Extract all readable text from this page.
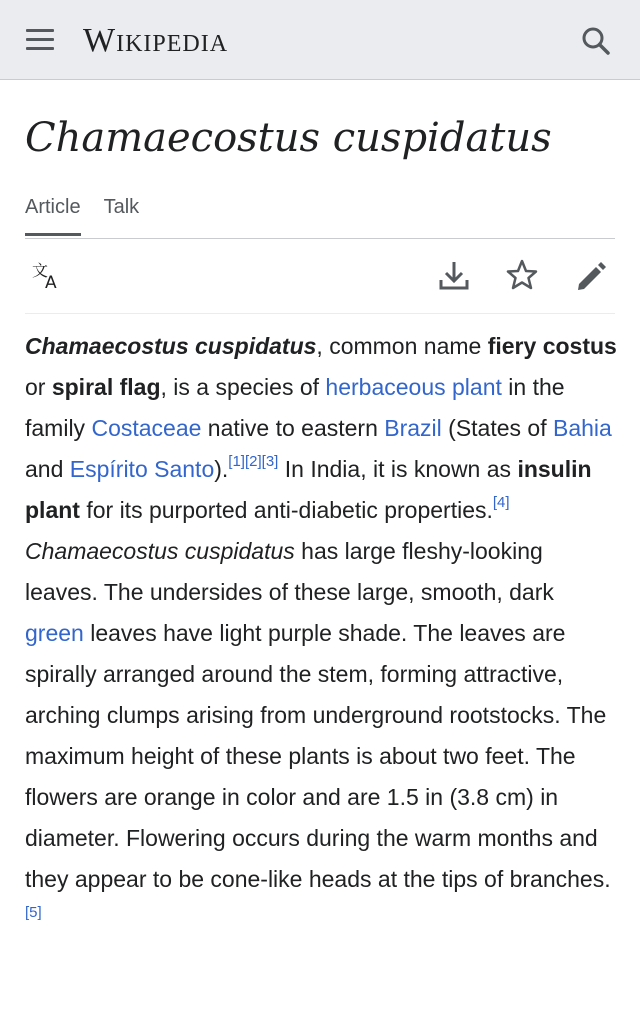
Wikipedia
Chamaecostus cuspidatus
Article Talk
文
A

Chamaecostus cuspidatus, common name fiery costus or spiral flag, is a species of herbaceous plant in the family Costaceae native to eastern Brazil (States of Bahia and Espírito Santo).[1][2][3] In India, it is known as insulin plant for its purported anti-diabetic properties.[4] Chamaecostus cuspidatus has large fleshy-looking leaves. The undersides of these large, smooth, dark green leaves have light purple shade. The leaves are spirally arranged around the stem, forming attractive, arching clumps arising from underground rootstocks. The maximum height of these plants is about two feet. The flowers are orange in color and are 1.5 in (3.8 cm) in diameter. Flowering occurs during the warm months and they appear to be cone-like heads at the tips of branches.[5]
